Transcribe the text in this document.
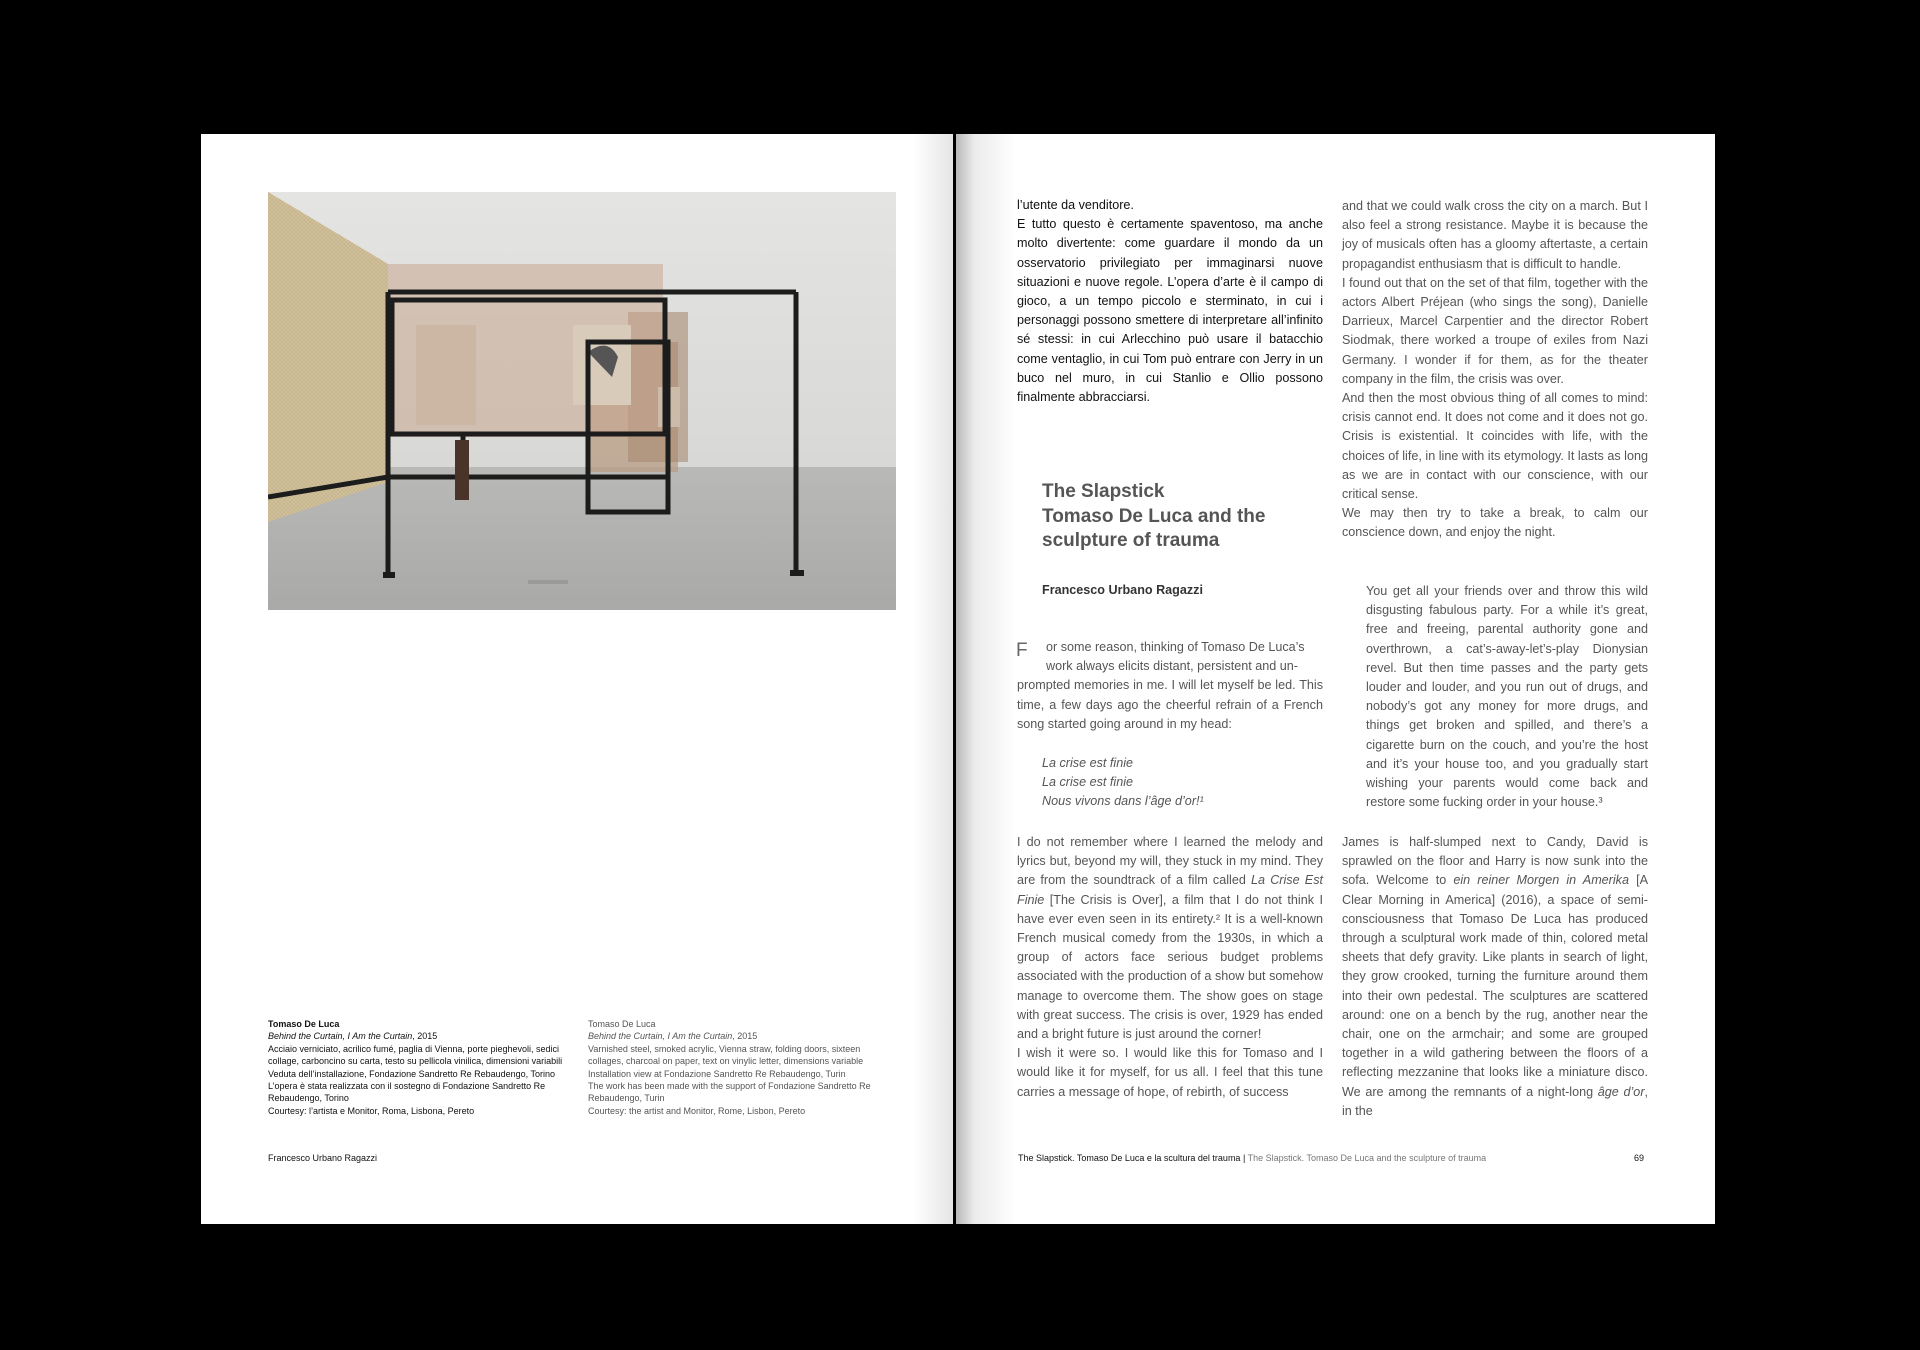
Tomaso De Luca
Behind the Curtain, I Am the Curtain, 2015
Acciaio verniciato, acrilico fumé, paglia di Vienna, porte pieghevoli, sedici
collage, carboncino su carta, testo su pellicola vinilica, dimensioni variabili
Veduta dell’installazione, Fondazione Sandretto Re Rebaudengo, Torino
L’opera è stata realizzata con il sostegno di Fondazione Sandretto Re
Rebaudengo, Torino
Courtesy: l’artista e Monitor, Roma, Lisbona, Pereto
Tomaso De Luca
Behind the Curtain, I Am the Curtain, 2015
Varnished steel, smoked acrylic, Vienna straw, folding doors, sixteen
collages, charcoal on paper, text on vinylic letter, dimensions variable
Installation view at Fondazione Sandretto Re Rebaudengo, Turin
The work has been made with the support of Fondazione Sandretto Re
Rebaudengo, Turin
Courtesy: the artist and Monitor, Rome, Lisbon, Pereto
Francesco Urbano Ragazzi
l’utente da venditore.
E tutto questo è certamente spaventoso, ma anche molto divertente: come guardare il mondo da un osservatorio privilegiato per immaginarsi nuove situazioni e nuove regole. L’opera d’arte è il campo di gioco, a un tempo piccolo e sterminato, in cui i personaggi possono smettere di interpretare all’infinito sé stessi: in cui Arlecchino può usare il batacchio come ventaglio, in cui Tom può entrare con Jerry in un buco nel muro, in cui Stanlio e Ollio possono finalmente abbracciarsi.
The Slapstick
Tomaso De Luca and the
sculpture of trauma
Francesco Urbano Ragazzi
F	or some reason, thinking of Tomaso De Luca’s
work always elicits distant, persistent and un-
prompted memories in me. I will let myself be led. This time, a few days ago the cheerful refrain of a French song started going around in my head:
La crise est finie
La crise est finie
Nous vivons dans l’âge d’or!¹
I do not remember where I learned the melody and lyrics but, beyond my will, they stuck in my mind. They are from the soundtrack of a film called La Crise Est Finie [The Crisis is Over], a film that I do not think I have ever even seen in its entirety.² It is a well-known French musical comedy from the 1930s, in which a group of actors face serious budget problems associated with the production of a show but somehow manage to overcome them. The show goes on stage with great success. The crisis is over, 1929 has ended and a bright future is just around the corner!
I wish it were so. I would like this for Tomaso and I would like it for myself, for us all. I feel that this tune carries a message of hope, of rebirth, of success
and that we could walk cross the city on a march. But I also feel a strong resistance. Maybe it is because the joy of musicals often has a gloomy aftertaste, a certain propagandist enthusiasm that is difficult to handle.
I found out that on the set of that film, together with the actors Albert Préjean (who sings the song), Danielle Darrieux, Marcel Carpentier and the director Robert Siodmak, there worked a troupe of exiles from Nazi Germany. I wonder if for them, as for the theater company in the film, the crisis was over.
And then the most obvious thing of all comes to mind: crisis cannot end. It does not come and it does not go. Crisis is existential. It coincides with life, with the choices of life, in line with its etymology. It lasts as long as we are in contact with our conscience, with our critical sense.
We may then try to take a break, to calm our conscience down, and enjoy the night.
You get all your friends over and throw this wild disgusting fabulous party. For a while it’s great, free and freeing, parental authority gone and overthrown, a cat’s-away-let’s-play Dionysian revel. But then time passes and the party gets louder and louder, and you run out of drugs, and nobody’s got any money for more drugs, and things get broken and spilled, and there’s a cigarette burn on the couch, and you’re the host and it’s your house too, and you gradually start wishing your parents would come back and restore some fucking order in your house.³
James is half-slumped next to Candy, David is sprawled on the floor and Harry is now sunk into the sofa. Welcome to ein reiner Morgen in Amerika [A Clear Morning in America] (2016), a space of semi-consciousness that Tomaso De Luca has produced through a sculptural work made of thin, colored metal sheets that defy gravity. Like plants in search of light, they grow crooked, turning the furniture around them into their own pedestal. The sculptures are scattered around: one on a bench by the rug, another near the chair, one on the armchair; and some are grouped together in a wild gathering between the floors of a reflecting mezzanine that looks like a miniature disco. We are among the remnants of a night-long âge d’or, in the
The Slapstick. Tomaso De Luca e la scultura del trauma | The Slapstick. Tomaso De Luca and the sculpture of trauma	69
